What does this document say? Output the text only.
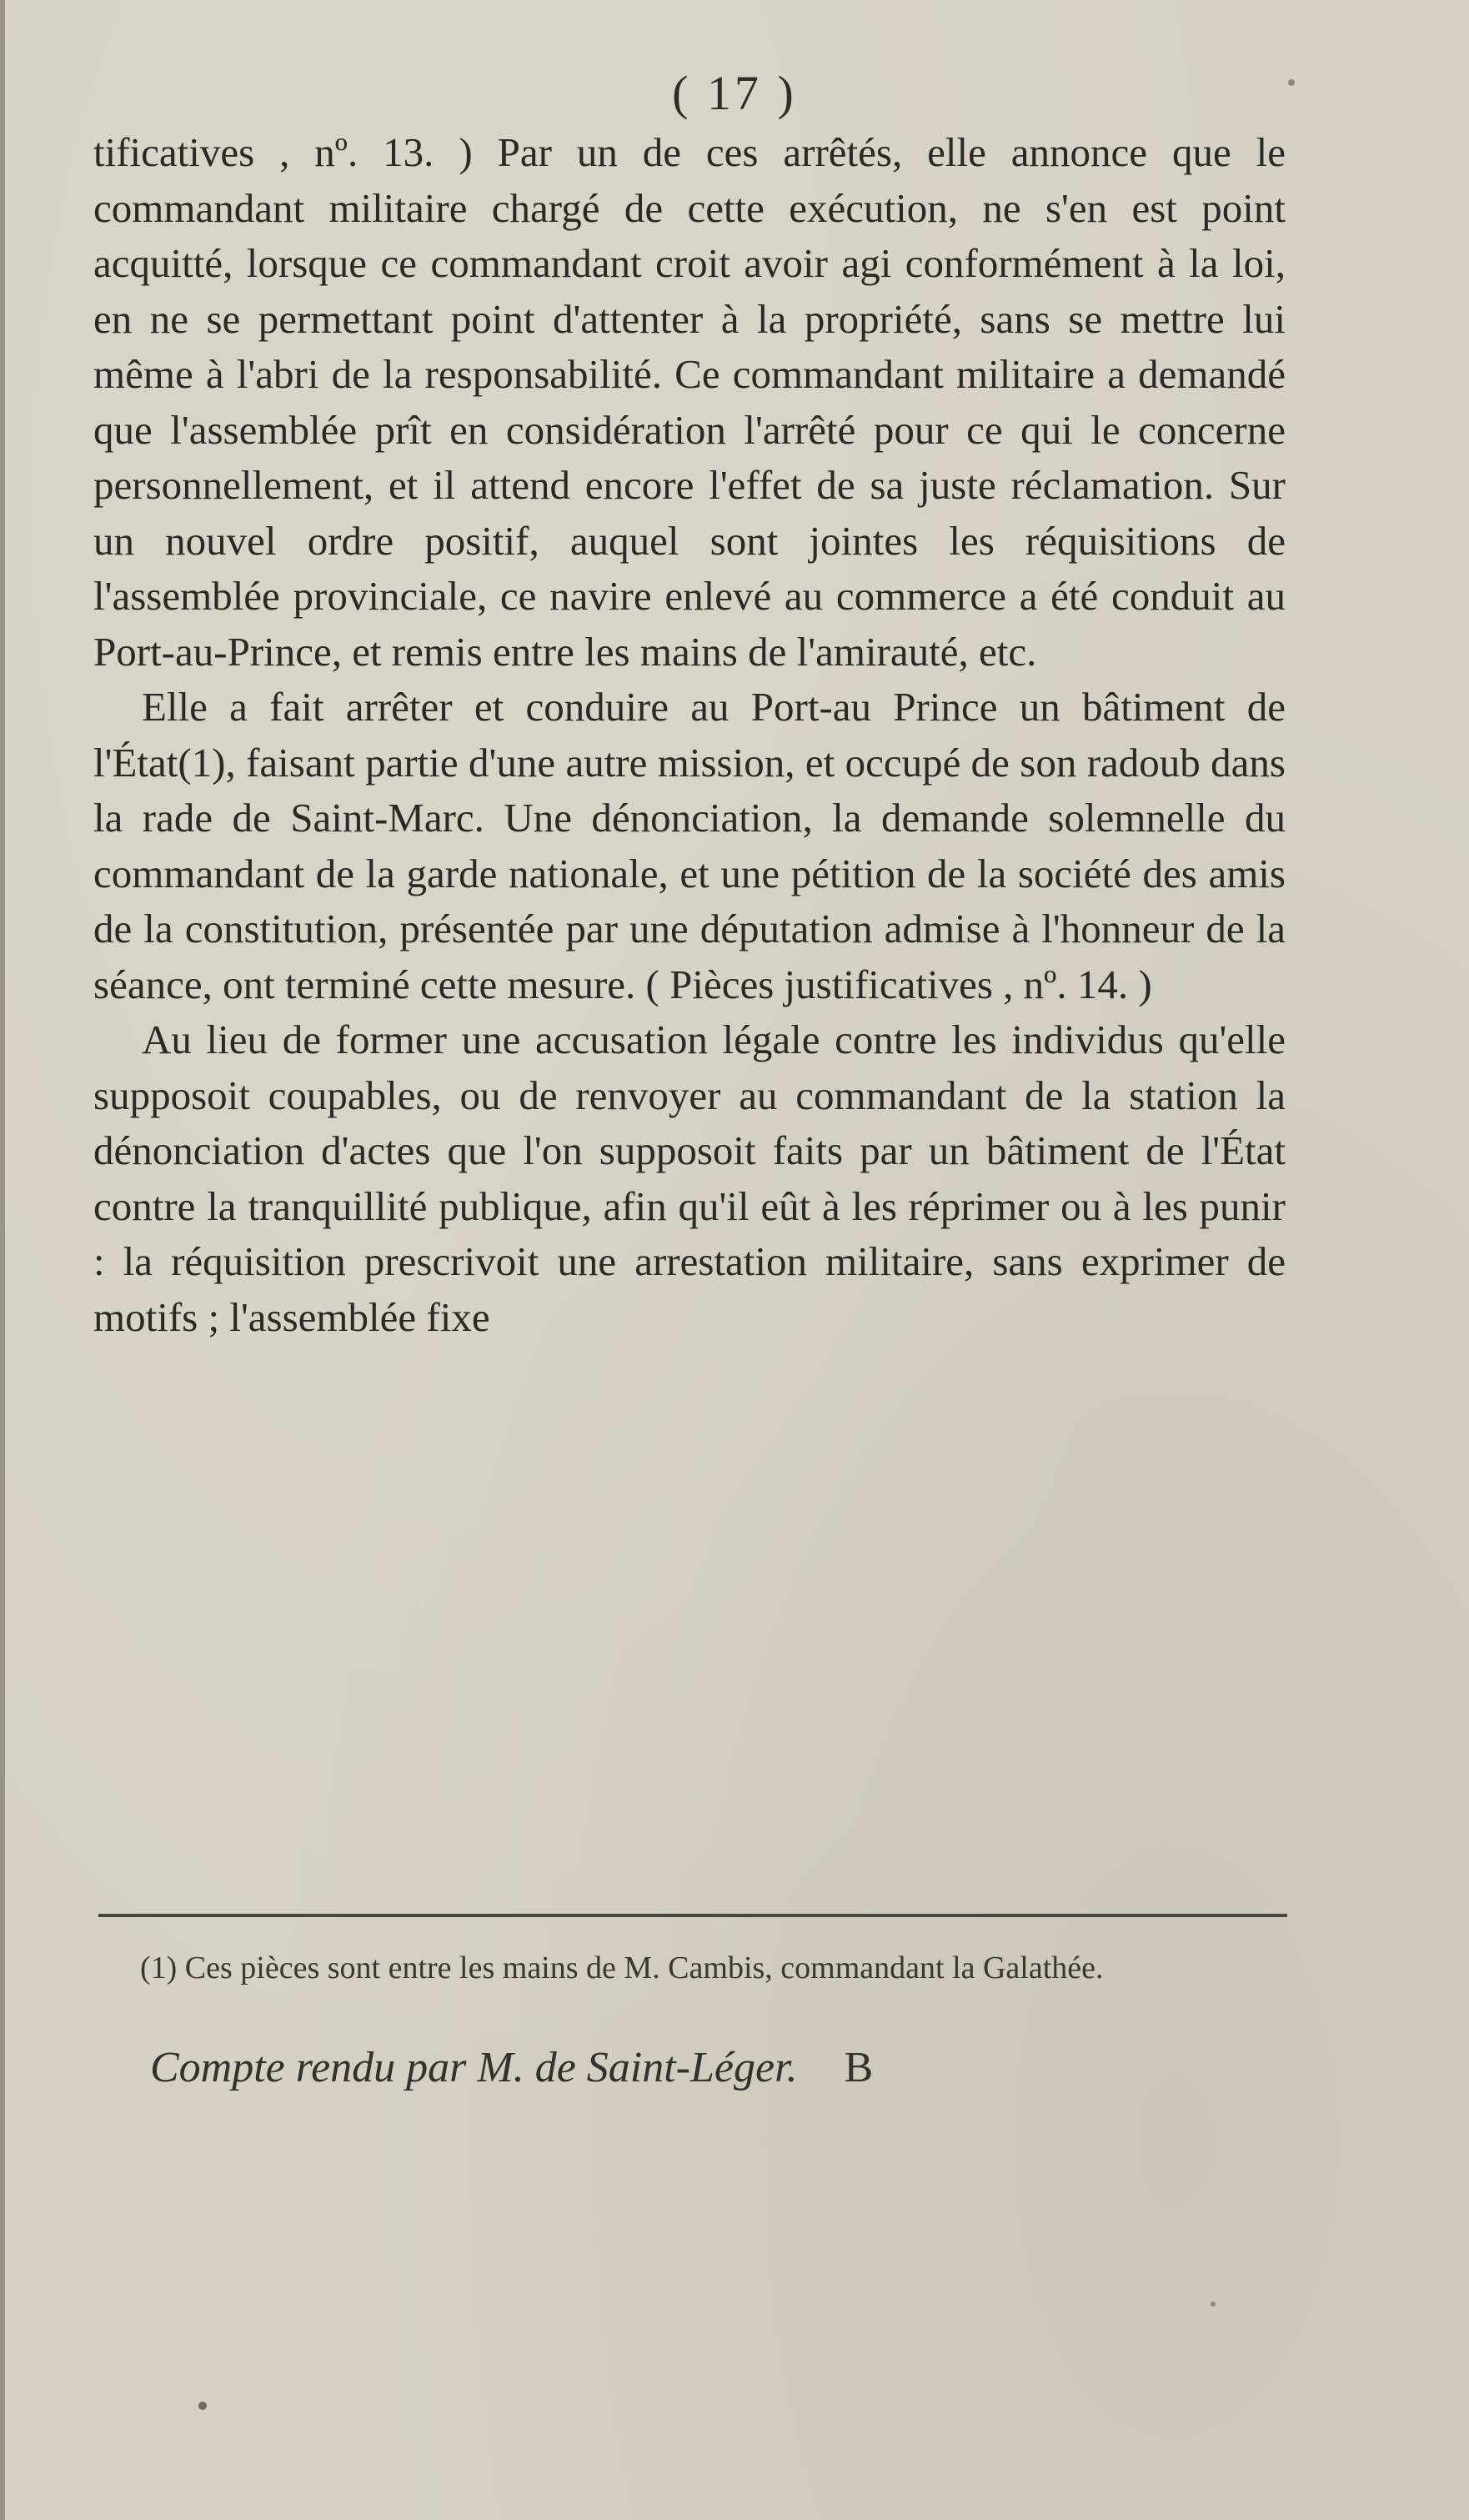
( 17 )

tificatives , nº. 13. ) Par un de ces arrêtés, elle annonce que le commandant militaire chargé de cette exécution, ne s'en est point acquitté, lorsque ce commandant croit avoir agi conformément à la loi, en ne se permettant point d'attenter à la propriété, sans se mettre lui même à l'abri de la responsabilité. Ce commandant militaire a demandé que l'assemblée prît en considération l'arrêté pour ce qui le concerne personnellement, et il attend encore l'effet de sa juste réclamation. Sur un nouvel ordre positif, auquel sont jointes les réquisitions de l'assemblée provinciale, ce navire enlevé au commerce a été conduit au Port-au-Prince, et remis entre les mains de l'amirauté, etc.

Elle a fait arrêter et conduire au Port-au Prince un bâtiment de l'État(1), faisant partie d'une autre mission, et occupé de son radoub dans la rade de Saint-Marc. Une dénonciation, la demande solemnelle du commandant de la garde nationale, et une pétition de la société des amis de la constitution, présentée par une députation admise à l'honneur de la séance, ont terminé cette mesure. ( Pièces justificatives , nº. 14. )

Au lieu de former une accusation légale contre les individus qu'elle supposoit coupables, ou de renvoyer au commandant de la station la dénonciation d'actes que l'on supposoit faits par un bâtiment de l'État contre la tranquillité publique, afin qu'il eût à les réprimer ou à les punir : la réquisition prescrivoit une arrestation militaire, sans exprimer de motifs ; l'assemblée fixe

(1) Ces pièces sont entre les mains de M. Cambis, commandant la Galathée.
Compte rendu par M. de Saint-Léger. B
